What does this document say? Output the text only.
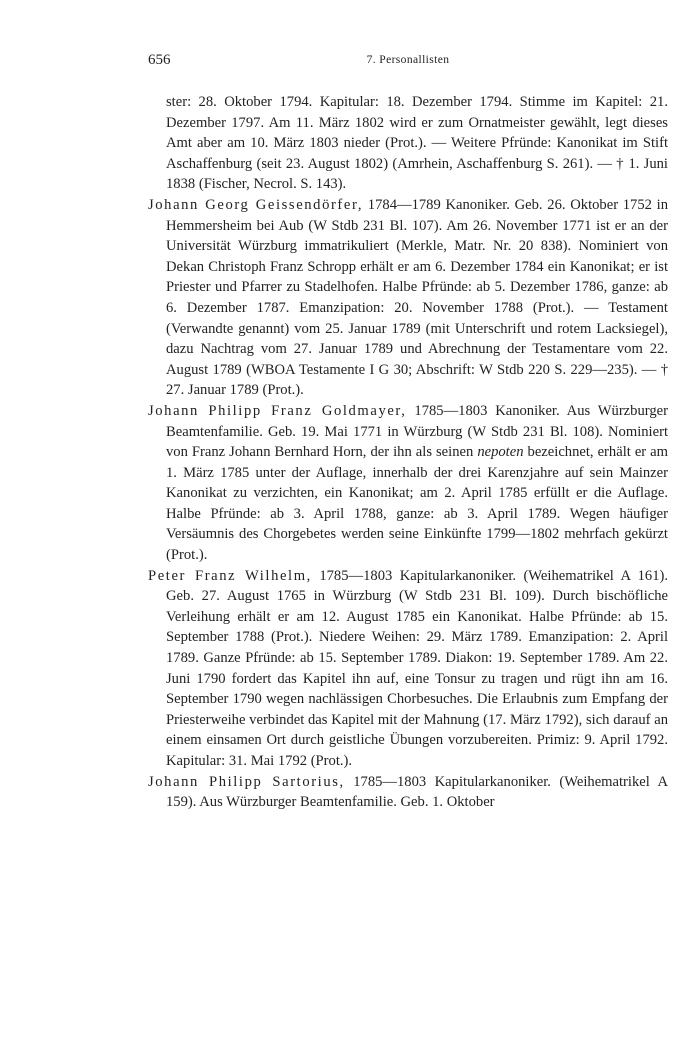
656	7. Personallisten

ster: 28. Oktober 1794. Kapitular: 18. Dezember 1794. Stimme im Kapitel: 21. Dezember 1797. Am 11. März 1802 wird er zum Ornatmeister gewählt, legt dieses Amt aber am 10. März 1803 nieder (Prot.). — Weitere Pfründe: Kanonikat im Stift Aschaffenburg (seit 23. August 1802) (Amrhein, Aschaffenburg S. 261). — † 1. Juni 1838 (Fischer, Necrol. S. 143).

Johann Georg Geissendörfer, 1784—1789 Kanoniker. Geb. 26. Oktober 1752 in Hemmersheim bei Aub (W Stdb 231 Bl. 107). Am 26. November 1771 ist er an der Universität Würzburg immatrikuliert (Merkle, Matr. Nr. 20 838). Nominiert von Dekan Christoph Franz Schropp erhält er am 6. Dezember 1784 ein Kanonikat; er ist Priester und Pfarrer zu Stadelhofen. Halbe Pfründe: ab 5. Dezember 1786, ganze: ab 6. Dezember 1787. Emanzipation: 20. November 1788 (Prot.). — Testament (Verwandte genannt) vom 25. Januar 1789 (mit Unterschrift und rotem Lacksiegel), dazu Nachtrag vom 27. Januar 1789 und Abrechnung der Testamentare vom 22. August 1789 (WBOA Testamente I G 30; Abschrift: W Stdb 220 S. 229—235). — † 27. Januar 1789 (Prot.).

Johann Philipp Franz Goldmayer, 1785—1803 Kanoniker. Aus Würzburger Beamtenfamilie. Geb. 19. Mai 1771 in Würzburg (W Stdb 231 Bl. 108). Nominiert von Franz Johann Bernhard Horn, der ihn als seinen nepoten bezeichnet, erhält er am 1. März 1785 unter der Auflage, innerhalb der drei Karenzjahre auf sein Mainzer Kanonikat zu verzichten, ein Kanonikat; am 2. April 1785 erfüllt er die Auflage. Halbe Pfründe: ab 3. April 1788, ganze: ab 3. April 1789. Wegen häufiger Versäumnis des Chorgebetes werden seine Einkünfte 1799—1802 mehrfach gekürzt (Prot.).

Peter Franz Wilhelm, 1785—1803 Kapitularkanoniker. (Weihematrikel A 161). Geb. 27. August 1765 in Würzburg (W Stdb 231 Bl. 109). Durch bischöfliche Verleihung erhält er am 12. August 1785 ein Kanonikat. Halbe Pfründe: ab 15. September 1788 (Prot.). Niedere Weihen: 29. März 1789. Emanzipation: 2. April 1789. Ganze Pfründe: ab 15. September 1789. Diakon: 19. September 1789. Am 22. Juni 1790 fordert das Kapitel ihn auf, eine Tonsur zu tragen und rügt ihn am 16. September 1790 wegen nachlässigen Chorbesuches. Die Erlaubnis zum Empfang der Priesterweihe verbindet das Kapitel mit der Mahnung (17. März 1792), sich darauf an einem einsamen Ort durch geistliche Übungen vorzubereiten. Primiz: 9. April 1792. Kapitular: 31. Mai 1792 (Prot.).

Johann Philipp Sartorius, 1785—1803 Kapitularkanoniker. (Weihematrikel A 159). Aus Würzburger Beamtenfamilie. Geb. 1. Oktober
